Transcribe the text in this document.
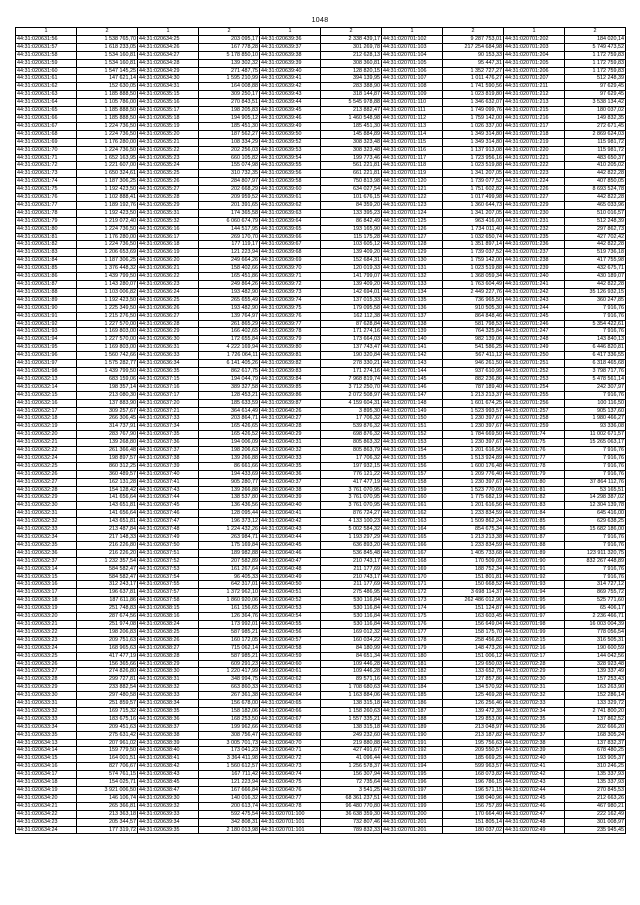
1048
1	2	1	2	1	2	1	2	1	2
44:31:020631:56	1 538 765,70	44:31:020634:25	203 095,17	44:31:020639:36	2 338 439,17	44:31:020701:102	9 287 753,01	44:31:020701:202	184 020,14
44:31:020631:57	1 618 233,05	44:31:020634:26	167 778,28	44:31:020639:37	301 269,78	44:31:020701:103	217 254 684,98	44:31:020701:203	5 749 473,52
44:31:020631:58	1 534 160,81	44:31:020634:27	5 178 850,10	44:31:020639:38	212 628,13	44:31:020701:104	90 153,33	44:31:020701:204	1 172 759,83
44:31:020631:59	1 534 160,81	44:31:020634:28	139 302,32	44:31:020639:39	308 360,81	44:31:020701:105	95 447,31	44:31:020701:205	1 172 759,83
44:31:020631:60	1 547 145,25	44:31:020634:29	271 487,75	44:31:020639:40	128 820,15	44:31:020701:106	1 352 727,27	44:31:020701:206	1 172 759,83
44:31:020631:61	147 621,14	44:31:020634:30	1 595 210,99	44:31:020639:41	394 139,95	44:31:020701:107	1 011 476,27	44:31:020701:207	512 248,39
44:31:020631:62	152 630,05	44:31:020634:31	164 008,88	44:31:020639:42	283 388,90	44:31:020701:108	1 741 590,56	44:31:020701:211	97 629,45
44:31:020631:63	1 185 888,50	44:31:020635:15	309 250,17	44:31:020639:43	318 144,87	44:31:020701:109	1 023 819,80	44:31:020701:212	97 629,45
44:31:020631:64	1 105 786,00	44:31:020635:16	270 843,51	44:31:020639:44	5 545 978,88	44:31:020701:110	1 346 632,07	44:31:020701:213	3 538 134,42
44:31:020631:65	1 185 888,50	44:31:020635:17	198 205,83	44:31:020639:45	213 882,47	44:31:020701:111	1 749 099,76	44:31:020701:215	180 037,02
44:31:020631:66	1 185 888,50	44:31:020635:18	194 905,12	44:31:020639:46	1 460 548,98	44:31:020701:112	1 759 142,00	44:31:020701:216	149 832,35
44:31:020631:67	1 224 736,50	44:31:020635:19	185 451,30	44:31:020639:49	185 451,30	44:31:020701:113	1 026 337,00	44:31:020701:217	272 671,45
44:31:020631:68	1 224 736,50	44:31:020635:20	187 562,27	44:31:020639:50	145 884,89	44:31:020701:114	1 349 314,80	44:31:020701:218	2 869 624,03
44:31:020631:69	1 176 280,00	44:31:020635:21	108 334,29	44:31:020639:52	308 323,48	44:31:020701:115	1 349 314,80	44:31:020701:219	115 981,72
44:31:020631:70	1 224 736,50	44:31:020635:22	202 256,03	44:31:020639:53	308 323,48	44:31:020701:116	1 137 913,08	44:31:020701:220	115 981,72
44:31:020631:71	1 652 163,95	44:31:020635:23	660 105,82	44:31:020639:54	199 773,46	44:31:020701:117	1 723 956,16	44:31:020701:221	483 650,37
44:31:020631:72	1 221 607,00	44:31:020635:24	155 074,98	44:31:020639:55	561 221,81	44:31:020701:118	1 023 519,88	44:31:020701:222	410 205,02
44:31:020631:73	1 650 324,61	44:31:020635:25	310 732,35	44:31:020639:56	661 221,81	44:31:020701:119	1 341 207,05	44:31:020701:223	442 822,28
44:31:020631:74	1 187 306,25	44:31:020635:26	284 807,97	44:31:020639:58	750 813,98	44:31:020701:120	1 739 077,52	44:31:020701:224	407 850,05
44:31:020631:75	1 192 423,50	44:31:020635:27	202 668,29	44:31:020639:60	634 027,54	44:31:020701:121	1 751 602,82	44:31:020701:226	8 693 524,78
44:31:020631:76	1 102 888,41	44:31:020635:28	209 959,52	44:31:020639:61	101 676,15	44:31:020701:122	1 017 499,98	44:31:020701:227	442 822,28
44:31:020631:77	1 189 192,76	44:31:020635:29	201 391,65	44:31:020639:62	84 359,20	44:31:020701:123	1 360 644,73	44:31:020701:229	465 033,96
44:31:020631:78	1 192 423,50	44:31:020635:31	174 365,58	44:31:020639:63	133 395,23	44:31:020701:124	1 341 207,05	44:31:020701:230	510 016,57
44:31:020631:79	1 219 072,40	44:31:020635:32	6 060 674,79	44:31:020639:64	86 842,49	44:31:020701:125	963 416,00	44:31:020701:231	512 248,39
44:31:020631:80	1 224 736,50	44:31:020636:16	144 517,95	44:31:020639:65	193 165,90	44:31:020701:126	1 734 011,40	44:31:020701:232	297 862,73
44:31:020631:81	1 176 280,00	44:31:020636:17	269 170,70	44:31:020639:66	115 175,28	44:31:020701:127	1 032 650,74	44:31:020701:235	427 702,42
44:31:020631:82	1 224 736,50	44:31:020636:18	177 119,17	44:31:020639:67	103 605,12	44:31:020701:128	1 351 897,14	44:31:020701:236	442 822,28
44:31:020631:83	1 206 653,69	44:31:020636:19	121 223,94	44:31:020639:68	139 409,20	44:31:020701:129	1 739 037,52	44:31:020701:237	519 736,18
44:31:020631:84	1 187 306,25	44:31:020636:20	249 664,26	44:31:020639:69	152 684,31	44:31:020701:130	1 759 142,00	44:31:020701:238	417 755,98
44:31:020631:85	1 376 448,32	44:31:020636:21	158 402,66	44:31:020639:70	120 019,33	44:31:020701:131	1 023 519,88	44:31:020701:239	432 675,71
44:31:020631:86	1 439 799,50	44:31:020636:22	165 451,86	44:31:020639:71	141 799,07	44:31:020701:132	1 368 059,34	44:31:020701:240	430 189,07
44:31:020631:87	1 143 280,07	44:31:020636:23	249 864,26	44:31:020639:72	139 409,20	44:31:020701:133	1 763 604,49	44:31:020701:241	442 822,28
44:31:020631:88	1 103 006,82	44:31:020636:24	193 482,90	44:31:020639:73	142 694,01	44:31:020701:134	2 449 227,76	44:31:020701:242	35 126 932,15
44:31:020631:89	1 192 423,50	44:31:020636:25	265 655,49	44:31:020639:74	137 015,33	44:31:020701:135	736 965,50	44:31:020701:243	360 247,85
44:31:020631:90	1 225 349,50	44:31:020636:26	193 482,90	44:31:020639:75	179 095,58	44:31:020701:136	910 505,30	44:31:020701:244	7 916,76
44:31:020631:91	1 215 276,50	44:31:020636:27	139 764,97	44:31:020639:76	162 112,38	44:31:020701:137	864 848,46	44:31:020701:245	7 916,76
44:31:020631:92	1 227 570,00	44:31:020636:28	261 865,29	44:31:020639:77	87 628,84	44:31:020701:138	581 798,53	44:31:020701:246	5 354 422,61
44:31:020631:93	1 169 803,00	44:31:020636:29	166 402,65	44:31:020639:78	171 274,16	44:31:020701:139	764 325,84	44:31:020701:247	7 916,76
44:31:020631:94	1 227 570,00	44:31:020636:30	172 655,84	44:31:020639:79	173 664,03	44:31:020701:140	982 139,06	44:31:020701:248	143 840,13
44:31:020631:95	1 169 803,00	44:31:020636:31	4 222 169,94	44:31:020639:80	137 743,47	44:31:020701:141	541 586,25	44:31:020701:249	6 446 820,81
44:31:020631:96	1 560 742,66	44:31:020636:33	1 726 064,11	44:31:020639:81	190 320,84	44:31:020701:142	567 411,12	44:31:020701:250	6 417 336,55
44:31:020631:97	1 575 282,77	44:31:020636:34	6 141 405,26	44:31:020639:82	278 330,21	44:31:020701:143	946 261,50	44:31:020701:251	6 318 465,68
44:31:020631:98	1 439 799,50	44:31:020636:35	862 617,75	44:31:020639:83	171 274,16	44:31:020701:144	937 610,99	44:31:020701:252	3 798 717,76
44:31:020632:13	683 159,06	44:31:020637:15	194 044,79	44:31:020639:84	7 968 819,74	44:31:020701:145	882 236,86	44:31:020701:253	5 478 561,14
44:31:020632:14	198 357,14	44:31:020637:16	389 327,58	44:31:020639:85	3 712 250,70	44:31:020701:146	787 189,40	44:31:020701:254	242 307,97
44:31:020632:15	213 080,30	44:31:020637:17	128 453,21	44:31:020639:86	2 072 508,97	44:31:020701:147	1 213 213,37	44:31:020701:255	7 916,76
44:31:020632:16	137 883,90	44:31:020637:20	185 633,59	44:31:020639:87	4 159 604,31	44:31:020701:148	1 601 674,25	44:31:020701:256	100 116,50
44:31:020632:17	309 257,67	44:31:020637:21	364 614,49	44:31:020640:26	3 895,30	44:31:020701:149	1 523 993,57	44:31:020701:257	905 137,60
44:31:020632:18	266 306,45	44:31:020637:33	203 864,71	44:31:020640:27	17 706,32	44:31:020701:150	1 230 397,67	44:31:020701:258	1 980 466,27
44:31:020632:19	314 737,91	44:31:020637:34	165 426,65	44:31:020640:28	539 876,32	44:31:020701:151	1 230 397,67	44:31:020701:259	93 336,08
44:31:020632:20	283 767,90	44:31:020637:35	165 426,52	44:31:020640:29	698 876,32	44:31:020701:152	1 784 669,50	44:31:020701:74	11 002 671,57
44:31:020632:21	139 268,80	44:31:020637:36	194 006,09	44:31:020640:31	805 863,32	44:31:020701:153	1 230 397,67	44:31:020701:75	15 265 063,17
44:31:020632:22	261 366,48	44:31:020637:37	198 206,63	44:31:020640:32	805 863,79	44:31:020701:154	1 201 616,56	44:31:020701:76	7 916,76
44:31:020632:24	198 897,57	44:31:020637:38	139 266,88	44:31:020640:33	17 706,32	44:31:020701:155	1 513 924,89	44:31:020701:77	7 916,76
44:31:020632:25	860 312,25	44:31:020637:39	86 661,66	44:31:020640:35	197 932,15	44:31:020701:156	1 600 176,48	44:31:020701:78	7 916,76
44:31:020632:26	360 489,57	44:31:020637:40	194 433,69	44:31:020640:36	776 121,22	44:31:020701:157	1 209 776,40	44:31:020701:79	7 916,76
44:31:020632:27	162 131,28	44:31:020637:41	905 280,77	44:31:020640:37	417 477,19	44:31:020701:158	1 230 397,67	44:31:020701:80	37 864 112,76
44:31:020632:28	154 128,42	44:31:020637:43	139 266,88	44:31:020640:38	3 761 070,95	44:31:020701:159	1 523 770,09	44:31:020701:81	53 165,51
44:31:020632:29	141 656,64	44:31:020637:44	138 537,80	44:31:020640:39	3 761 070,95	44:31:020701:160	1 775 682,19	44:31:020701:82	14 298 387,02
44:31:020632:30	143 651,81	44:31:020637:45	136 436,56	44:31:020640:40	3 761 070,95	44:31:020701:161	1 201 616,56	44:31:020701:83	12 304 139,78
44:31:020632:31	141 656,64	44:31:020637:46	128 095,44	44:31:020640:41	876 724,27	44:31:020701:162	1 233 834,59	44:31:020701:84	645 416,00
44:31:020632:32	143 651,81	44:31:020637:47	196 373,12	44:31:020640:42	4 133 100,23	44:31:020701:163	1 509 862,24	44:31:020701:85	629 638,25
44:31:020632:33	213 487,84	44:31:020637:48	1 224 432,26	44:31:020640:43	5 002 584,32	44:31:020701:164	854 675,34	44:31:020701:86	15 682 186,00
44:31:020632:34	217 148,33	44:31:020637:49	263 984,71	44:31:020640:44	1 193 297,29	44:31:020701:165	1 213 213,38	44:31:020701:87	7 916,76
44:31:020632:35	216 226,80	44:31:020637:50	175 169,84	44:31:020640:45	636 893,20	44:31:020701:166	1 233 834,59	44:31:020701:88	7 916,76
44:31:020632:36	216 226,20	44:31:020637:51	189 982,88	44:31:020640:46	536 845,48	44:31:020701:167	1 405 733,68	44:31:020701:89	123 911 320,75
44:31:020632:37	1 232 357,54	44:31:020637:52	207 582,89	44:31:020640:47	210 743,17	44:31:020701:168	170 509,09	44:31:020701:90	832 267 448,89
44:31:020633:14	584 582,47	44:31:020637:53	161 267,64	44:31:020640:48	211 177,69	44:31:020701:169	188 752,34	44:31:020701:91	7 916,76
44:31:020633:15	584 582,47	44:31:020637:54	96 405,33	44:31:020640:49	210 743,17	44:31:020701:170	151 801,81	44:31:020701:92	7 916,76
44:31:020633:16	312 243,17	44:31:020637:55	642 317,01	44:31:020640:50	211 177,69	44:31:020701:171	150 668,52	44:31:020701:93	314 727,12
44:31:020633:17	196 637,81	44:31:020637:57	1 372 962,10	44:31:020640:51	275 486,95	44:31:020701:172	3 698 114,37	44:31:020701:94	869 755,72
44:31:020633:18	187 611,86	44:31:020637:58	1 860 920,06	44:31:020640:52	530 116,84	44:31:020701:173	262 486 012,90	44:31:020701:95	525 771,60
44:31:020633:19	251 748,83	44:31:020638:15	161 156,65	44:31:020640:53	530 116,84	44:31:020701:174	151 124,87	44:31:020701:96	65 406,17
44:31:020633:20	287 674,56	44:31:020638:16	126 364,76	44:31:020640:54	530 116,84	44:31:020701:175	163 603,45	44:31:020701:97	2 236 466,71
44:31:020633:21	251 974,08	44:31:020638:24	173 992,01	44:31:020640:55	530 116,84	44:31:020701:176	156 649,04	44:31:020701:98	16 003 004,39
44:31:020633:22	198 206,83	44:31:020638:25	587 985,21	44:31:020640:56	169 012,32	44:31:020701:177	158 175,70	44:31:020701:99	778 056,54
44:31:020633:23	209 751,63	44:31:020638:26	160 172,05	44:31:020640:57	160 034,22	44:31:020701:178	258 456,82	44:31:020702:15	316 505,31
44:31:020633:24	168 965,63	44:31:020638:27	715 062,14	44:31:020640:58	84 180,99	44:31:020701:179	148 473,26	44:31:020702:16	190 600,59
44:31:020633:25	417 477,19	44:31:020638:28	587 985,21	44:31:020640:59	84 651,34	44:31:020701:180	151 006,12	44:31:020702:17	144 042,56
44:31:020633:26	156 365,66	44:31:020638:29	609 291,23	44:31:020640:60	109 446,28	44:31:020701:181	129 650,03	44:31:020702:28	328 923,48
44:31:020633:27	274 826,80	44:31:020638:30	1 220 417,99	44:31:020640:61	109 446,28	44:31:020701:182	133 652,79	44:31:020702:29	139 337,49
44:31:020633:28	299 727,81	44:31:020638:31	348 994,75	44:31:020640:62	89 571,16	44:31:020701:183	127 857,86	44:31:020702:30	157 253,43
44:31:020633:29	233 882,54	44:31:020638:32	663 860,33	44:31:020640:63	1 708 680,63	44:31:020701:184	134 570,92	44:31:020702:31	163 263,90
44:31:020633:30	297 480,58	44:31:020638:33	267 361,38	44:31:020640:64	1 163 884,06	44:31:020701:185	125 469,28	44:31:020702:32	152 286,14
44:31:020633:31	251 859,57	44:31:020638:34	156 678,00	44:31:020640:65	138 315,18	44:31:020701:186	126 256,46	44:31:020702:33	133 329,72
44:31:020633:32	169 715,32	44:31:020638:35	158 182,06	44:31:020640:66	1 158 260,63	44:31:020701:187	139 472,39	44:31:020702:34	2 741 800,20
44:31:020633:33	183 675,16	44:31:020638:36	168 253,50	44:31:020640:67	1 557 335,21	44:31:020701:188	129 853,06	44:31:020702:35	137 862,52
44:31:020633:34	209 451,63	44:31:020638:37	199 962,66	44:31:020640:68	138 315,18	44:31:020701:189	213 048,97	44:31:020702:36	202 666,20
44:31:020633:35	275 631,42	44:31:020638:38	308 756,47	44:31:020640:69	249 232,60	44:31:020701:190	213 187,82	44:31:020702:37	168 305,24
44:31:020634:13	207 961,02	44:31:020638:39	3 005 701,73	44:31:020640:70	219 880,88	44:31:020701:191	195 756,63	44:31:020702:38	137 832,37
44:31:020634:14	159 779,50	44:31:020638:40	173 041,23	44:31:020640:71	427 491,67	44:31:020701:192	209 550,57	44:31:020702:39	678 480,25
44:31:020634:15	164 001,51	44:31:020638:41	3 364 411,98	44:31:020640:72	41 096,44	44:31:020701:193	185 669,25	44:31:020702:40	193 905,37
44:31:020634:16	827 706,67	44:31:020638:42	1 560 612,57	44:31:020640:73	1 256 578,37	44:31:020701:194	599 963,57	44:31:020702:41	310 246,25
44:31:020634:17	574 761,15	44:31:020638:43	167 711,42	44:31:020640:74	156 307,94	44:31:020701:195	168 073,82	44:31:020702:42	135 337,93
44:31:020634:18	154 025,71	44:31:020638:45	121 223,94	44:31:020640:75	72 735,64	44:31:020701:196	196 786,15	44:31:020702:43	135 337,93
44:31:020634:19	3 921 006,50	44:31:020638:47	167 666,84	44:31:020640:76	3 541,25	44:31:020701:197	196 571,15	44:31:020702:44	270 845,53
44:31:020634:20	146 106,74	44:31:020639:30	140 016,32	44:31:020640:77	68 361 237,51	44:31:020701:198	198 040,96	44:31:020702:45	212 663,26
44:31:020634:21	265 366,81	44:31:020639:32	200 613,74	44:31:020640:78	96 480 770,80	44:31:020701:199	156 757,89	44:31:020702:46	467 980,21
44:31:020634:22	213 363,18	44:31:020639:33	592 475,54	44:31:020701:100	36 638 359,30	44:31:020701:200	170 664,40	44:31:020702:47	222 162,49
44:31:020634:23	205 344,57	44:31:020639:34	342 808,31	44:31:020701:101	732 807,46	44:31:020701:201	151 805,14	44:31:020702:48	301 008,97
44:31:020634:24	177 319,72	44:31:020639:35	2 180 013,98	44:31:020701:101	789 832,33	44:31:020701:201	180 037,02	44:31:020702:49	235 945,45
